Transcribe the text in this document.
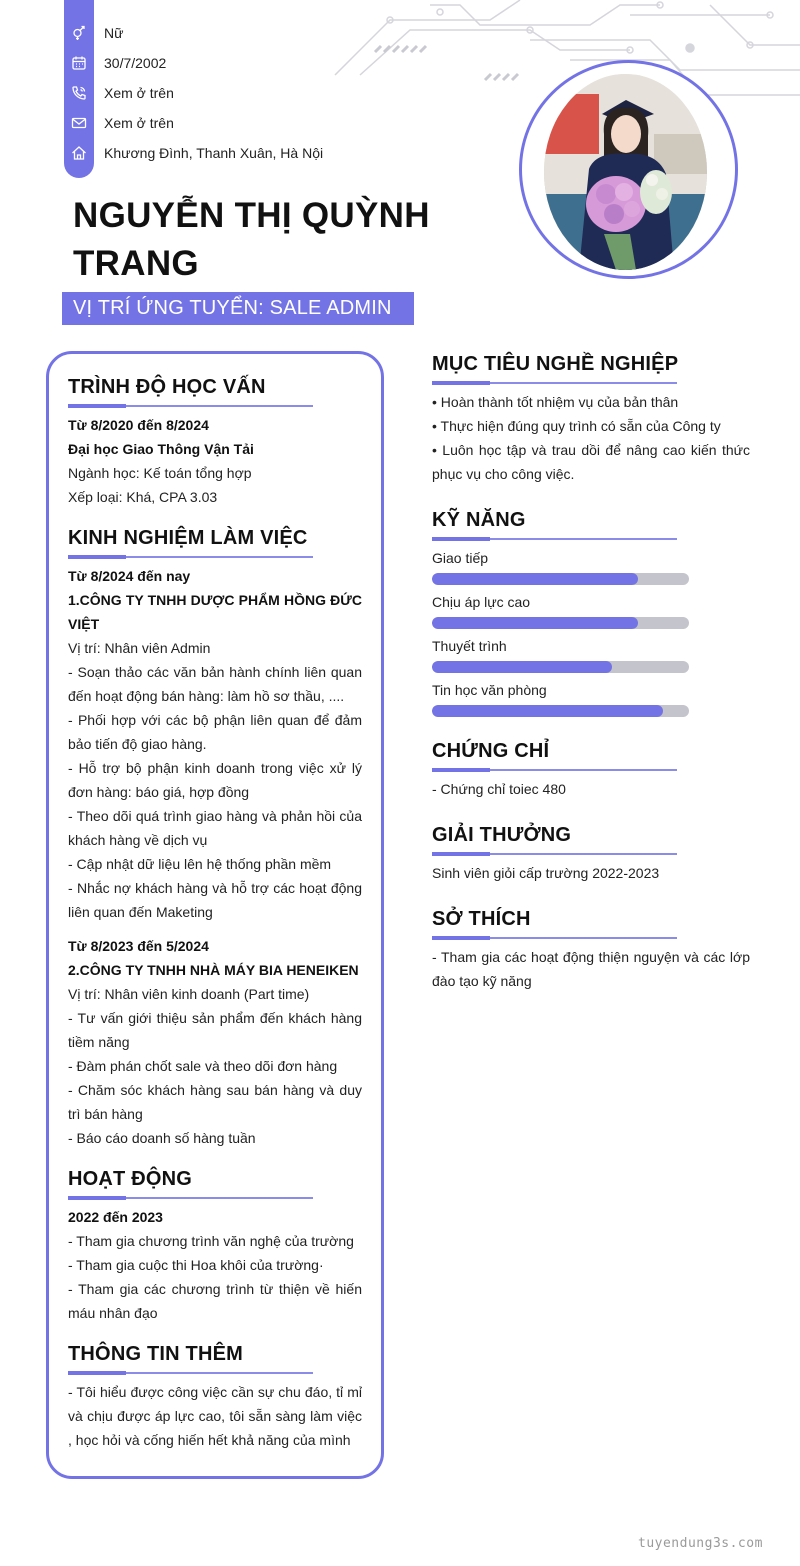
Nữ
30/7/2002
Xem ở trên
Xem ở trên
Khương Đình, Thanh Xuân, Hà Nội
NGUYỄN THỊ QUỲNH
TRANG
VỊ TRÍ ỨNG TUYỂN: SALE ADMIN
TRÌNH ĐỘ HỌC VẤN
Từ 8/2020 đến 8/2024
Đại học Giao Thông Vận Tải
Ngành học: Kế toán tổng hợp
Xếp loại: Khá, CPA 3.03
KINH NGHIỆM LÀM VIỆC
Từ 8/2024 đến nay
1.CÔNG TY TNHH DƯỢC PHẨM HỒNG ĐỨC VIỆT
Vị trí: Nhân viên Admin
- Soạn thảo các văn bản hành chính liên quan đến hoạt động bán hàng: làm hồ sơ thầu, ....
- Phối hợp với các bộ phận liên quan để đảm bảo tiến độ giao hàng.
- Hỗ trợ bộ phận kinh doanh trong việc xử lý đơn hàng: báo giá, hợp đồng
- Theo dõi quá trình giao hàng và phản hồi của khách hàng về dịch vụ
- Cập nhật dữ liệu lên hệ thống phần mềm
- Nhắc nợ khách hàng và hỗ trợ các hoạt động liên quan đến Maketing
Từ 8/2023 đến 5/2024
2.CÔNG TY TNHH NHÀ MÁY BIA HENEIKEN
Vị trí: Nhân viên kinh doanh (Part time)
- Tư vấn giới thiệu sản phẩm đến khách hàng tiềm năng
- Đàm phán chốt sale và theo dõi đơn hàng
- Chăm sóc khách hàng sau bán hàng và duy trì bán hàng
- Báo cáo doanh số hàng tuần
HOẠT ĐỘNG
2022 đến 2023
- Tham gia chương trình văn nghệ của trường
- Tham gia cuộc thi Hoa khôi của trường·
- Tham gia các chương trình từ thiện về hiến máu nhân đạo
THÔNG TIN THÊM
- Tôi hiểu được công việc cần sự chu đáo, tỉ mỉ và chịu được áp lực cao, tôi sẵn sàng làm việc , học hỏi và cống hiến hết khả năng của mình
MỤC TIÊU NGHỀ NGHIỆP
• Hoàn thành tốt nhiệm vụ của bản thân
• Thực hiện đúng quy trình có sẵn của Công ty
• Luôn học tập và trau dồi để nâng cao kiến thức phục vụ cho công việc.
KỸ NĂNG
Giao tiếp
Chịu áp lực cao
Thuyết trình
Tin học văn phòng
CHỨNG CHỈ
- Chứng chỉ toiec 480
GIẢI THƯỞNG
Sinh viên giỏi cấp trường 2022-2023
SỞ THÍCH
- Tham gia các hoạt động thiện nguyện và các lớp đào tạo kỹ năng
tuyendung3s.com
